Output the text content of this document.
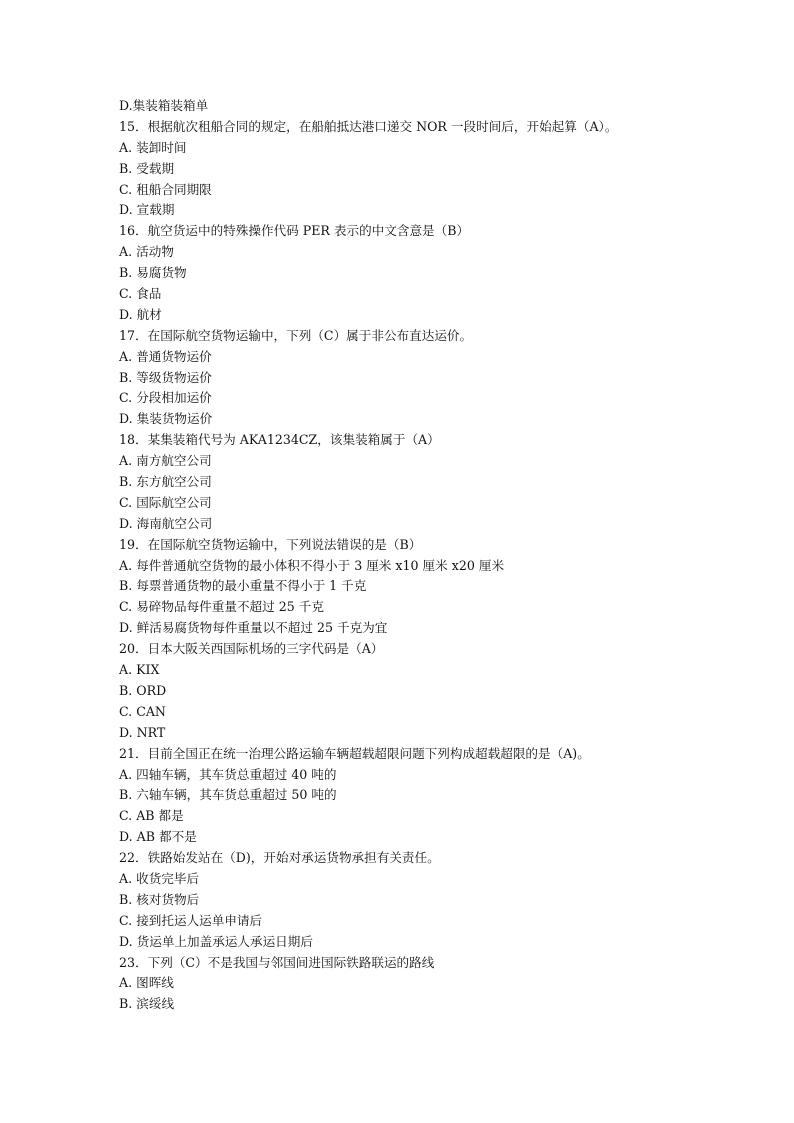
D.集装箱装箱单
15．根据航次租船合同的规定，在船舶抵达港口递交 NOR 一段时间后，开始起算（A）。
A. 装卸时间
B. 受载期
C. 租船合同期限
D. 宣载期
16．航空货运中的特殊操作代码 PER 表示的中文含意是（B）
A. 活动物
B. 易腐货物
C. 食品
D. 航材
17．在国际航空货物运输中，下列（C）属于非公布直达运价。
A. 普通货物运价
B. 等级货物运价
C. 分段相加运价
D. 集装货物运价
18．某集装箱代号为 AKA1234CZ，该集装箱属于（A）
A. 南方航空公司
B. 东方航空公司
C. 国际航空公司
D. 海南航空公司
19．在国际航空货物运输中，下列说法错误的是（B）
A. 每件普通航空货物的最小体积不得小于 3 厘米 x10 厘米 x20 厘米
B. 每票普通货物的最小重量不得小于 1 千克
C. 易碎物品每件重量不超过 25 千克
D. 鲜活易腐货物每件重量以不超过 25 千克为宜
20．日本大阪关西国际机场的三字代码是（A）
A. KIX
B. ORD
C. CAN
D. NRT
21．目前全国正在统一治理公路运输车辆超载超限问题下列构成超载超限的是（A)。
A. 四轴车辆，其车货总重超过 40 吨的
B. 六轴车辆，其车货总重超过 50 吨的
C. AB 都是
D. AB 都不是
22．铁路始发站在（D)，开始对承运货物承担有关责任。
A. 收货完毕后
B. 核对货物后
C. 接到托运人运单申请后
D. 货运单上加盖承运人承运日期后
23．下列（C）不是我国与邻国间进国际铁路联运的路线
A. 图晖线
B. 滨绥线
